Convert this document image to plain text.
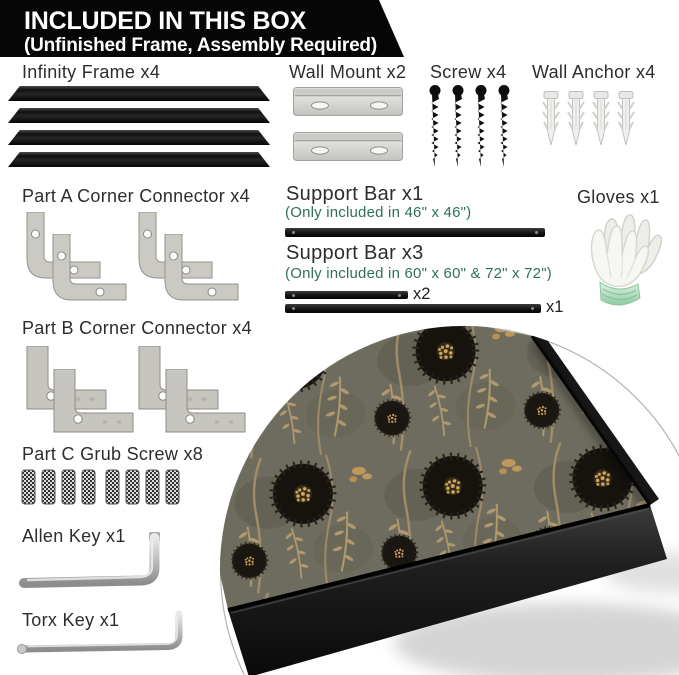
INCLUDED IN THIS BOX
(Unfinished Frame, Assembly Required)
Infinity Frame x4	Wall Mount x2 Screw x4 Wall Anchor x4
Part A Corner Connector x4 Support Bar x1
(Only included in 46" x 46")
Gloves x1
Support Bar x3
(Only included in 60" x 60" & 72" x 72")
x2
x1
Part B Corner Connector x4
Part C Grub Screw x8
Allen Key x1
Torx Key x1
